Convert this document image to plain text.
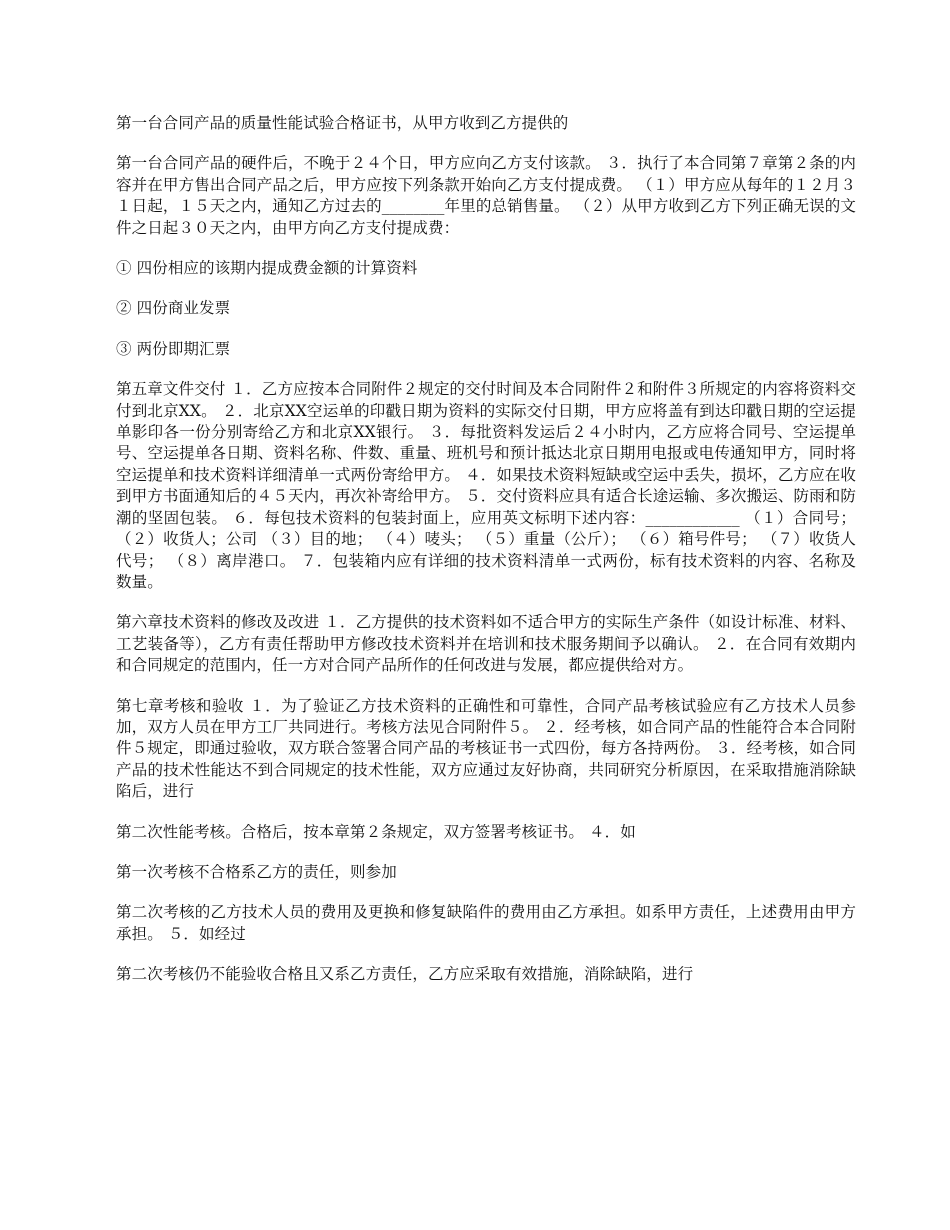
第一台合同产品的质量性能试验合格证书，从甲方收到乙方提供的

第一台合同产品的硬件后，不晚于２４个日，甲方应向乙方支付该款。 ３．执行了本合同第７章第２条的内容并在甲方售出合同产品之后，甲方应按下列条款开始向乙方支付提成费。 （１）甲方应从每年的１２月３１日起，１５天之内，通知乙方过去的________年里的总销售量。 （２）从甲方收到乙方下列正确无误的文件之日起３０天之内，由甲方向乙方支付提成费：

① 四份相应的该期内提成费金额的计算资料

② 四份商业发票

③ 两份即期汇票

第五章文件交付 １．乙方应按本合同附件２规定的交付时间及本合同附件２和附件３所规定的内容将资料交付到北京XX。 ２．北京XX空运单的印戳日期为资料的实际交付日期，甲方应将盖有到达印戳日期的空运提单影印各一份分别寄给乙方和北京XX银行。 ３．每批资料发运后２４小时内，乙方应将合同号、空运提单号、空运提单各日期、资料名称、件数、重量、班机号和预计抵达北京日期用电报或电传通知甲方，同时将空运提单和技术资料详细清单一式两份寄给甲方。 ４．如果技术资料短缺或空运中丢失，损坏，乙方应在收到甲方书面通知后的４５天内，再次补寄给甲方。 ５．交付资料应具有适合长途运输、多次搬运、防雨和防潮的坚固包装。 ６．每包技术资料的包装封面上，应用英文标明下述内容：____________ （１）合同号； （２）收货人；公司 （３）目的地； （４）唛头； （５）重量（公斤）； （６）箱号件号； （７）收货人代号； （８）离岸港口。 ７．包装箱内应有详细的技术资料清单一式两份，标有技术资料的内容、名称及数量。

第六章技术资料的修改及改进 １．乙方提供的技术资料如不适合甲方的实际生产条件（如设计标准、材料、工艺装备等），乙方有责任帮助甲方修改技术资料并在培训和技术服务期间予以确认。 ２．在合同有效期内和合同规定的范围内，任一方对合同产品所作的任何改进与发展，都应提供给对方。

第七章考核和验收 １．为了验证乙方技术资料的正确性和可靠性，合同产品考核试验应有乙方技术人员参加，双方人员在甲方工厂共同进行。考核方法见合同附件５。 ２．经考核，如合同产品的性能符合本合同附件５规定，即通过验收，双方联合签署合同产品的考核证书一式四份，每方各持两份。 ３．经考核，如合同产品的技术性能达不到合同规定的技术性能，双方应通过友好协商，共同研究分析原因，在采取措施消除缺陷后，进行

第二次性能考核。合格后，按本章第２条规定，双方签署考核证书。 ４．如

第一次考核不合格系乙方的责任，则参加

第二次考核的乙方技术人员的费用及更换和修复缺陷件的费用由乙方承担。如系甲方责任，上述费用由甲方承担。 ５．如经过

第二次考核仍不能验收合格且又系乙方责任，乙方应采取有效措施，消除缺陷，进行
